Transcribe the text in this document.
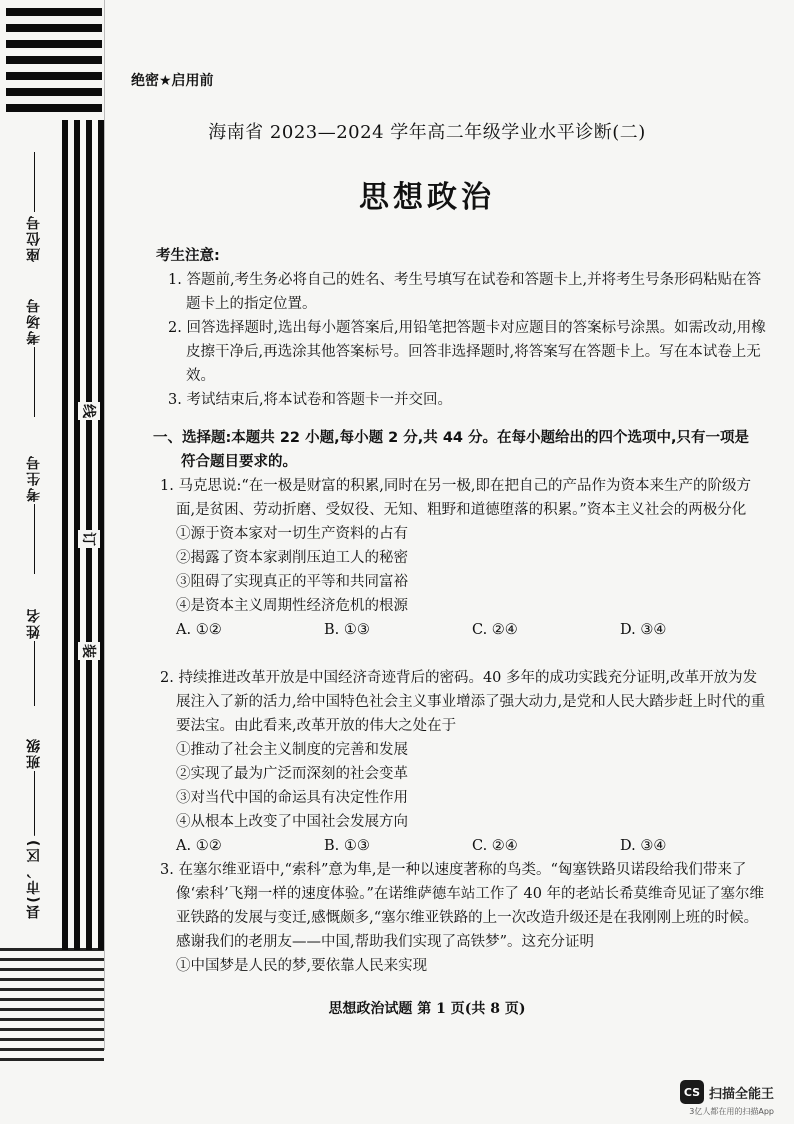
座位号
考场号
考生号
姓名
班级
县(市、区)
线
订
装
绝密★启用前
海南省 2023—2024 学年高二年级学业水平诊断(二)
思想政治
考生注意:
1. 答题前,考生务必将自己的姓名、考生号填写在试卷和答题卡上,并将考生号条形码粘贴在答题卡上的指定位置。
2. 回答选择题时,选出每小题答案后,用铅笔把答题卡对应题目的答案标号涂黑。如需改动,用橡皮擦干净后,再选涂其他答案标号。回答非选择题时,将答案写在答题卡上。写在本试卷上无效。
3. 考试结束后,将本试卷和答题卡一并交回。
一、选择题:本题共 22 小题,每小题 2 分,共 44 分。在每小题给出的四个选项中,只有一项是
符合题目要求的。
1. 马克思说:“在一极是财富的积累,同时在另一极,即在把自己的产品作为资本来生产的阶级方面,是贫困、劳动折磨、受奴役、无知、粗野和道德堕落的积累。”资本主义社会的两极分化
①源于资本家对一切生产资料的占有
②揭露了资本家剥削压迫工人的秘密
③阻碍了实现真正的平等和共同富裕
④是资本主义周期性经济危机的根源
A. ①②	B. ①③	C. ②④	D. ③④
2. 持续推进改革开放是中国经济奇迹背后的密码。40 多年的成功实践充分证明,改革开放为发展注入了新的活力,给中国特色社会主义事业增添了强大动力,是党和人民大踏步赶上时代的重要法宝。由此看来,改革开放的伟大之处在于
①推动了社会主义制度的完善和发展
②实现了最为广泛而深刻的社会变革
③对当代中国的命运具有决定性作用
④从根本上改变了中国社会发展方向
A. ①②	B. ①③	C. ②④	D. ③④
3. 在塞尔维亚语中,“索科”意为隼,是一种以速度著称的鸟类。“匈塞铁路贝诺段给我们带来了像‘索科’飞翔一样的速度体验。”在诺维萨德车站工作了 40 年的老站长希莫维奇见证了塞尔维亚铁路的发展与变迁,感慨颇多,“塞尔维亚铁路的上一次改造升级还是在我刚刚上班的时候。感谢我们的老朋友——中国,帮助我们实现了高铁梦”。这充分证明
①中国梦是人民的梦,要依靠人民来实现
思想政治试题 第 1 页(共 8 页)
CS 扫描全能王
3亿人都在用的扫描App
